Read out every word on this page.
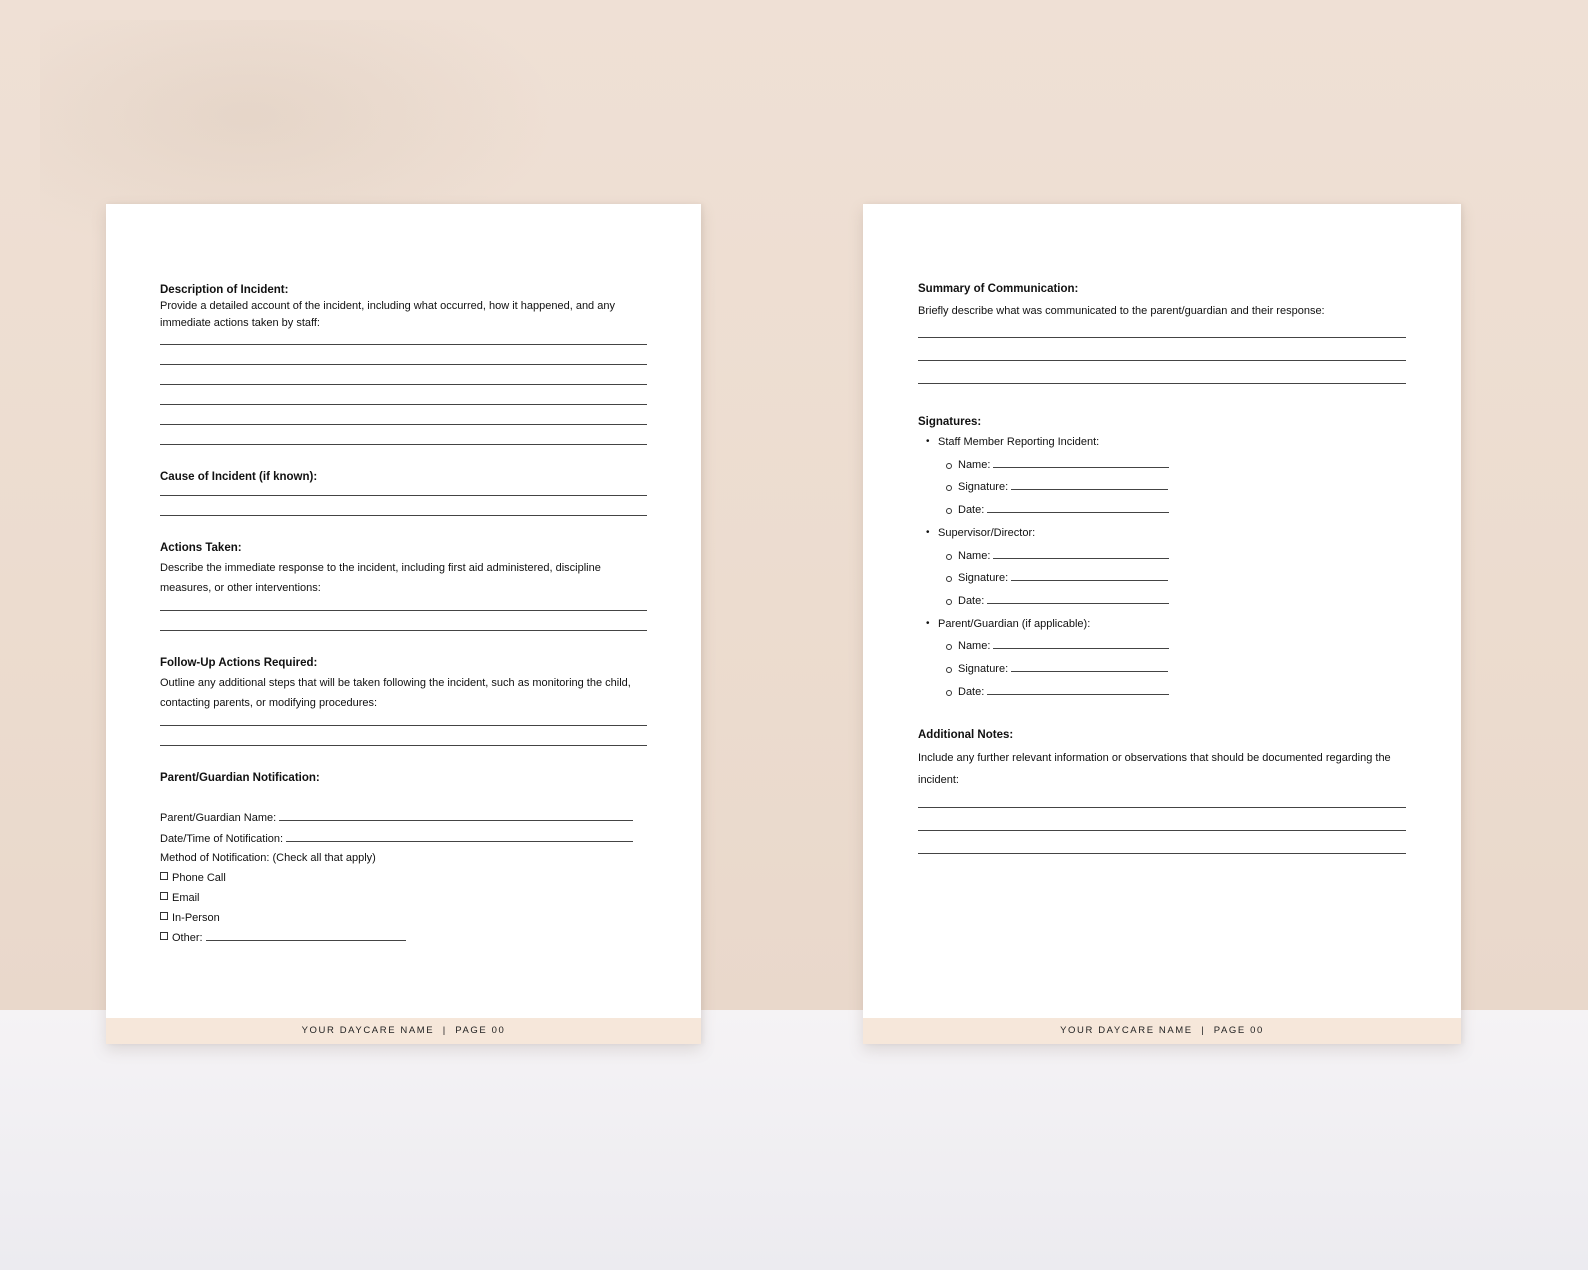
Description of Incident:

Provide a detailed account of the incident, including what occurred, how it happened, and any immediate actions taken by staff:

Cause of Incident (if known):

Actions Taken:

Describe the immediate response to the incident, including first aid administered, discipline measures, or other interventions:

Follow-Up Actions Required:

Outline any additional steps that will be taken following the incident, such as monitoring the child, contacting parents, or modifying procedures:

Parent/Guardian Notification:

Parent/Guardian Name:
Date/Time of Notification:
Method of Notification: (Check all that apply)
Phone Call
Email
In-Person
Other:
YOUR DAYCARE NAME  |  PAGE 00

Summary of Communication:

Briefly describe what was communicated to the parent/guardian and their response:

Signatures:

• Staff Member Reporting Incident:
Name:
Signature:
Date:
• Supervisor/Director:
Name:
Signature:
Date:
• Parent/Guardian (if applicable):
Name:
Signature:
Date:

Additional Notes:

Include any further relevant information or observations that should be documented regarding the incident:

YOUR DAYCARE NAME  |  PAGE 00
